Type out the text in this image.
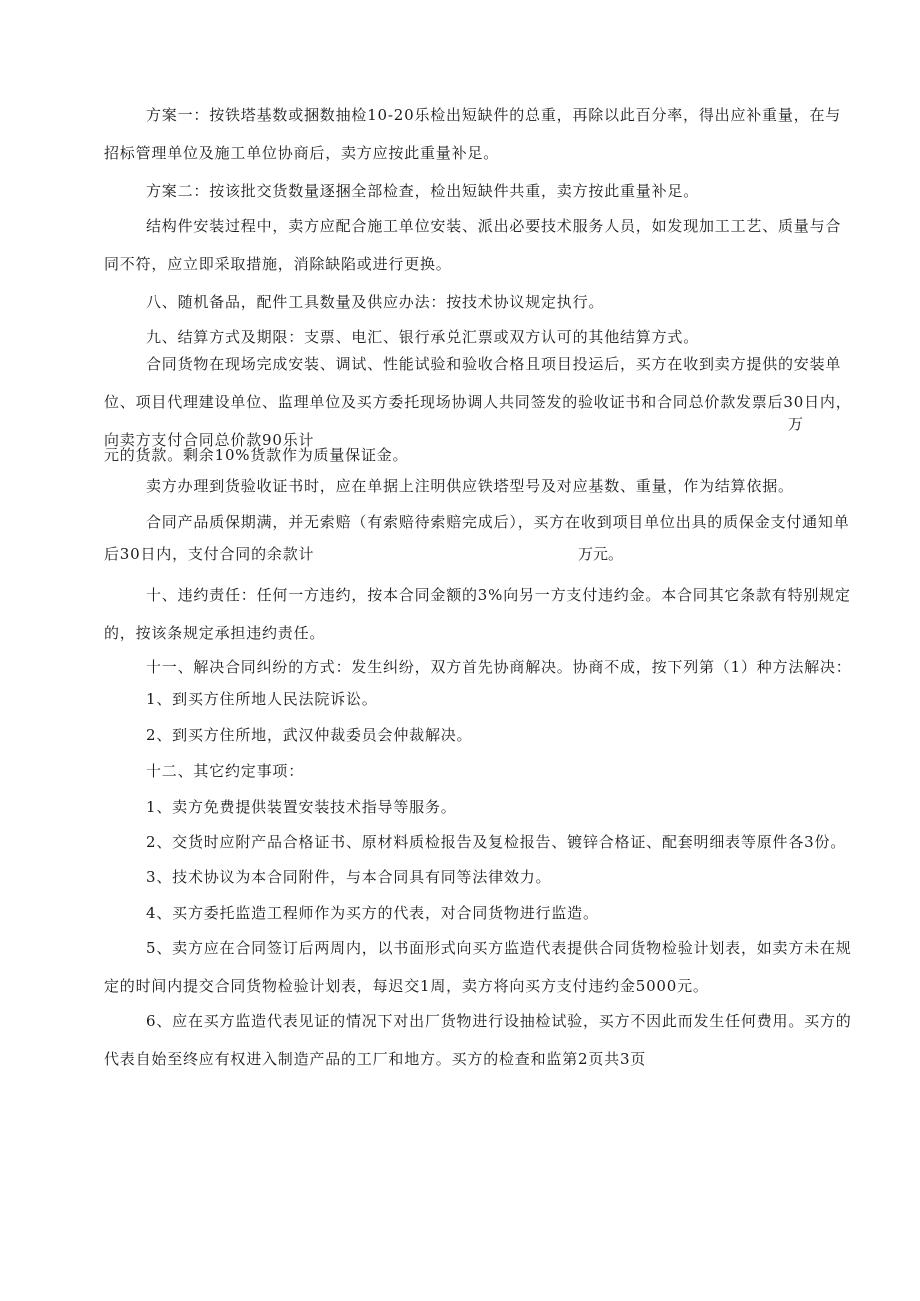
方案一：按铁塔基数或捆数抽检10-20乐检出短缺件的总重，再除以此百分率，得出应补重量，在与招标管理单位及施工单位协商后，卖方应按此重量补足。

方案二：按该批交货数量逐捆全部检查，检出短缺件共重，卖方按此重量补足。

结构件安装过程中，卖方应配合施工单位安装、派出必要技术服务人员，如发现加工工艺、质量与合同不符，应立即采取措施，消除缺陷或进行更换。

八、随机备品，配件工具数量及供应办法：按技术协议规定执行。

九、结算方式及期限：支票、电汇、银行承兑汇票或双方认可的其他结算方式。

合同货物在现场完成安装、调试、性能试验和验收合格且项目投运后，买方在收到卖方提供的安装单位、项目代理建设单位、监理单位及买方委托现场协调人共同签发的验收证书和合同总价款发票后30日内，向卖方支付合同总价款90乐计

万

元的货款。剩余10%货款作为质量保证金。

卖方办理到货验收证书时，应在单据上注明供应铁塔型号及对应基数、重量，作为结算依据。

合同产品质保期满，并无索赔（有索赔待索赔完成后），买方在收到项目单位出具的质保金支付通知单

后30日内，支付合同的余款计	万元。

十、违约责任：任何一方违约，按本合同金额的3%向另一方支付违约金。本合同其它条款有特别规定的，按该条规定承担违约责任。

十一、解决合同纠纷的方式：发生纠纷，双方首先协商解决。协商不成，按下列第（1）种方法解决：

1、到买方住所地人民法院诉讼。

2、到买方住所地，武汉仲裁委员会仲裁解决。

十二、其它约定事项：

1、卖方免费提供装置安装技术指导等服务。

2、交货时应附产品合格证书、原材料质检报告及复检报告、镀锌合格证、配套明细表等原件各3份。

3、技术协议为本合同附件，与本合同具有同等法律效力。

4、买方委托监造工程师作为买方的代表，对合同货物进行监造。

5、卖方应在合同签订后两周内，以书面形式向买方监造代表提供合同货物检验计划表，如卖方未在规定的时间内提交合同货物检验计划表，每迟交1周，卖方将向买方支付违约金5000元。

6、应在买方监造代表见证的情况下对出厂货物进行设抽检试验，买方不因此而发生任何费用。买方的代表自始至终应有权进入制造产品的工厂和地方。买方的检查和监第2页共3页
